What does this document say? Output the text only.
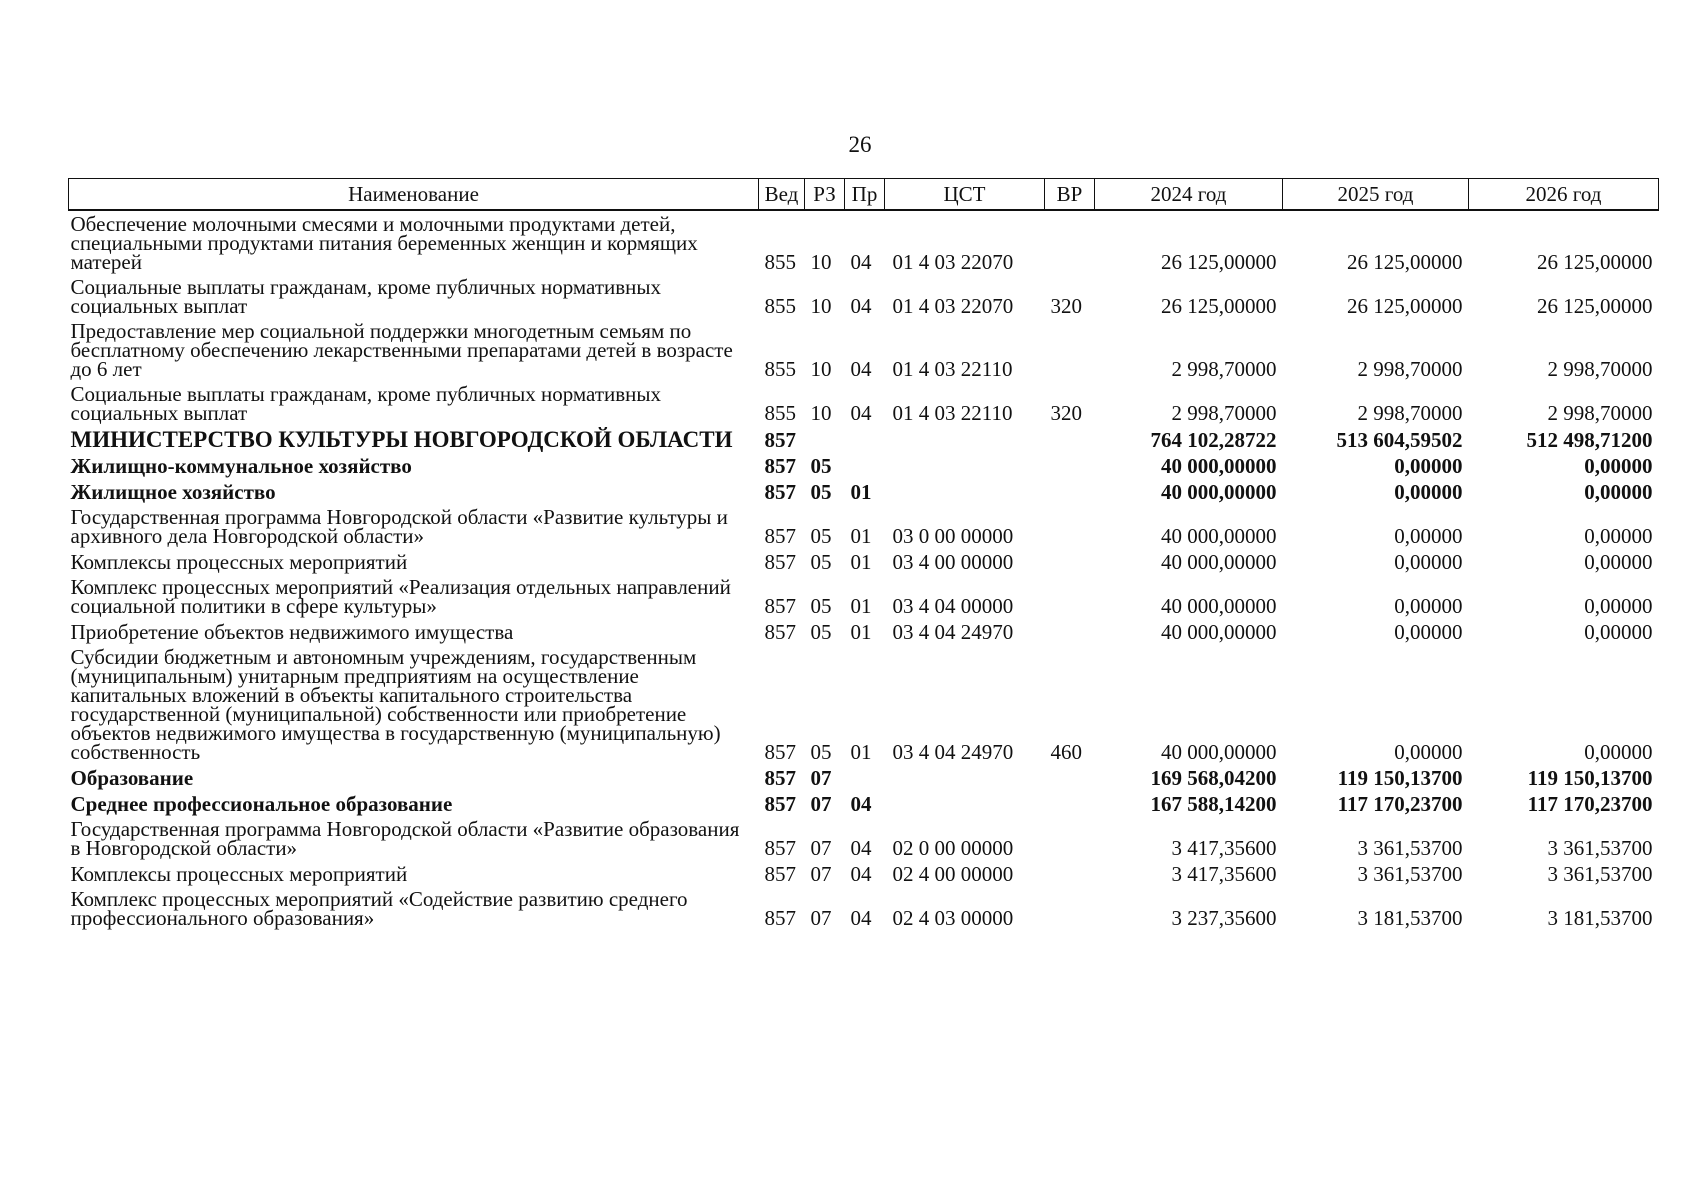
26
Наименование	Вед	РЗ	Пр	ЦСТ	ВР	2024 год	2025 год	2026 год
Обеспечение молочными смесями и молочными продуктами детей, специальными продуктами питания беременных женщин и кормящих матерей	855	10	04	01 4 03 22070		26 125,00000	26 125,00000	26 125,00000
Социальные выплаты гражданам, кроме публичных нормативных социальных выплат	855	10	04	01 4 03 22070	320	26 125,00000	26 125,00000	26 125,00000
Предоставление мер социальной поддержки многодетным семьям по бесплатному обеспечению лекарственными препаратами детей в возрасте до 6 лет	855	10	04	01 4 03 22110		2 998,70000	2 998,70000	2 998,70000
Социальные выплаты гражданам, кроме публичных нормативных социальных выплат	855	10	04	01 4 03 22110	320	2 998,70000	2 998,70000	2 998,70000
МИНИСТЕРСТВО КУЛЬТУРЫ НОВГОРОДСКОЙ ОБЛАСТИ	857					764 102,28722	513 604,59502	512 498,71200
Жилищно-коммунальное хозяйство	857	05				40 000,00000	0,00000	0,00000
Жилищное хозяйство	857	05	01			40 000,00000	0,00000	0,00000
Государственная программа Новгородской области «Развитие культуры и архивного дела Новгородской области»	857	05	01	03 0 00 00000		40 000,00000	0,00000	0,00000
Комплексы процессных мероприятий	857	05	01	03 4 00 00000		40 000,00000	0,00000	0,00000
Комплекс процессных мероприятий «Реализация отдельных направлений социальной политики в сфере культуры»	857	05	01	03 4 04 00000		40 000,00000	0,00000	0,00000
Приобретение объектов недвижимого имущества	857	05	01	03 4 04 24970		40 000,00000	0,00000	0,00000
Субсидии бюджетным и автономным учреждениям, государственным (муниципальным) унитарным предприятиям на осуществление капитальных вложений в объекты капитального строительства государственной (муниципальной) собственности или приобретение объектов недвижимого имущества в государственную (муниципальную) собственность	857	05	01	03 4 04 24970	460	40 000,00000	0,00000	0,00000
Образование	857	07				169 568,04200	119 150,13700	119 150,13700
Среднее профессиональное образование	857	07	04			167 588,14200	117 170,23700	117 170,23700
Государственная программа Новгородской области «Развитие образования в Новгородской области»	857	07	04	02 0 00 00000		3 417,35600	3 361,53700	3 361,53700
Комплексы процессных мероприятий	857	07	04	02 4 00 00000		3 417,35600	3 361,53700	3 361,53700
Комплекс процессных мероприятий «Содействие развитию среднего профессионального образования»	857	07	04	02 4 03 00000		3 237,35600	3 181,53700	3 181,53700
